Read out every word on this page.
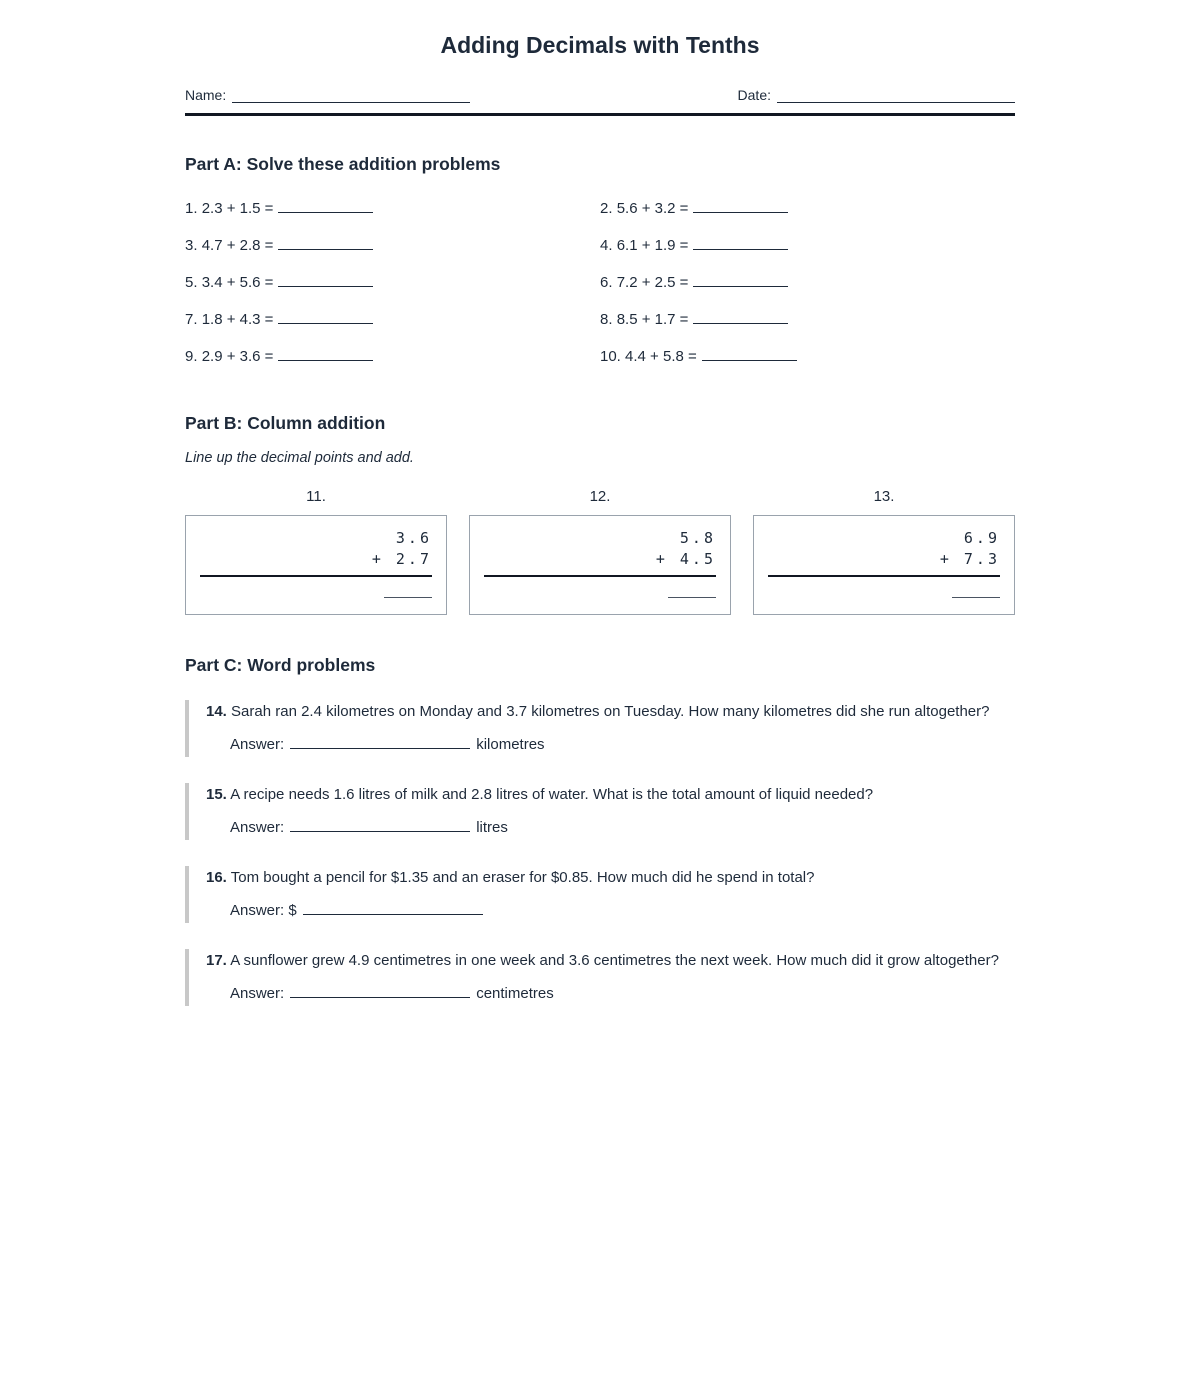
Adding Decimals with Tenths
Name:	Date:
Part A: Solve these addition problems
1. 2.3 + 1.5 =	2. 5.6 + 3.2 =
3. 4.7 + 2.8 =	4. 6.1 + 1.9 =
5. 3.4 + 5.6 =	6. 7.2 + 2.5 =
7. 1.8 + 4.3 =	8. 8.5 + 1.7 =
9. 2.9 + 3.6 =	10. 4.4 + 5.8 =
Part B: Column addition

Line up the decimal points and add.

11.
3.6
+ 2.7
12.
5.8
+ 4.5
13.
6.9
+ 7.3
Part C: Word problems
14. Sarah ran 2.4 kilometres on Monday and 3.7 kilometres on Tuesday. How many kilometres did she run altogether?
Answer:	kilometres
15. A recipe needs 1.6 litres of milk and 2.8 litres of water. What is the total amount of liquid needed?
Answer:	litres
16. Tom bought a pencil for $1.35 and an eraser for $0.85. How much did he spend in total?
Answer: $
17. A sunflower grew 4.9 centimetres in one week and 3.6 centimetres the next week. How much did it grow altogether?
Answer:	centimetres
